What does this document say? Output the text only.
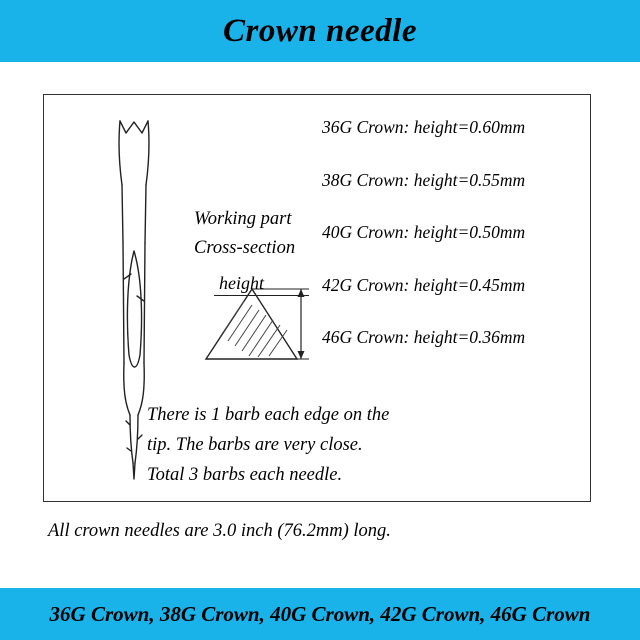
Crown needle
Working part
Cross-section
height
36G Crown: height=0.60mm
38G Crown: height=0.55mm
40G Crown: height=0.50mm
42G Crown: height=0.45mm
46G Crown: height=0.36mm
There is 1 barb each edge on the
tip. The barbs are very close.
Total 3 barbs each needle.
All crown needles are 3.0 inch (76.2mm) long.
36G Crown, 38G Crown, 40G Crown, 42G Crown, 46G Crown
